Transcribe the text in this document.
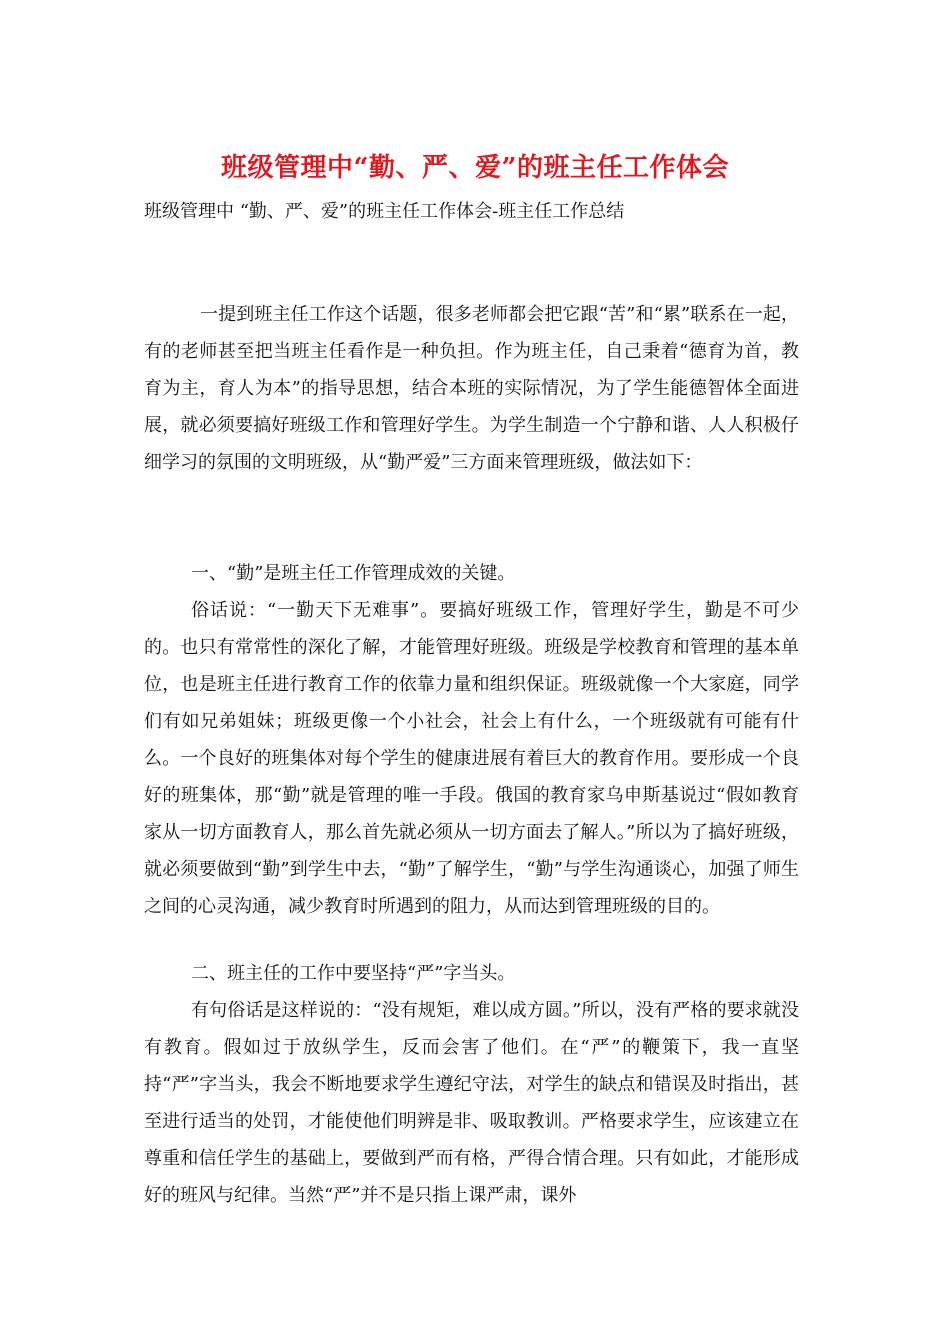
班级管理中“勤、严、爱”的班主任工作体会
班级管理中 “勤、严、爱”的班主任工作体会-班主任工作总结

一提到班主任工作这个话题，很多老师都会把它跟“苦”和“累”联系在一起，有的老师甚至把当班主任看作是一种负担。作为班主任，自己秉着“德育为首，教育为主，育人为本”的指导思想，结合本班的实际情况，为了学生能德智体全面进展，就必须要搞好班级工作和管理好学生。为学生制造一个宁静和谐、人人积极仔细学习的氛围的文明班级，从“勤严爱”三方面来管理班级，做法如下：

一、“勤”是班主任工作管理成效的关键。

俗话说：“一勤天下无难事”。要搞好班级工作，管理好学生，勤是不可少的。也只有常常性的深化了解，才能管理好班级。班级是学校教育和管理的基本单位，也是班主任进行教育工作的依靠力量和组织保证。班级就像一个大家庭，同学们有如兄弟姐妹；班级更像一个小社会，社会上有什么，一个班级就有可能有什么。一个良好的班集体对每个学生的健康进展有着巨大的教育作用。要形成一个良好的班集体，那“勤”就是管理的唯一手段。俄国的教育家乌申斯基说过“假如教育家从一切方面教育人，那么首先就必须从一切方面去了解人。”所以为了搞好班级，就必须要做到“勤”到学生中去，“勤”了解学生，“勤”与学生沟通谈心，加强了师生之间的心灵沟通，减少教育时所遇到的阻力，从而达到管理班级的目的。

二、班主任的工作中要坚持“严”字当头。

有句俗话是这样说的：“没有规矩，难以成方圆。”所以，没有严格的要求就没有教育。假如过于放纵学生，反而会害了他们。在“严”的鞭策下，我一直坚持“严”字当头，我会不断地要求学生遵纪守法，对学生的缺点和错误及时指出，甚至进行适当的处罚，才能使他们明辨是非、吸取教训。严格要求学生，应该建立在尊重和信任学生的基础上，要做到严而有格，严得合情合理。只有如此，才能形成好的班风与纪律。当然“严”并不是只指上课严肃，课外
